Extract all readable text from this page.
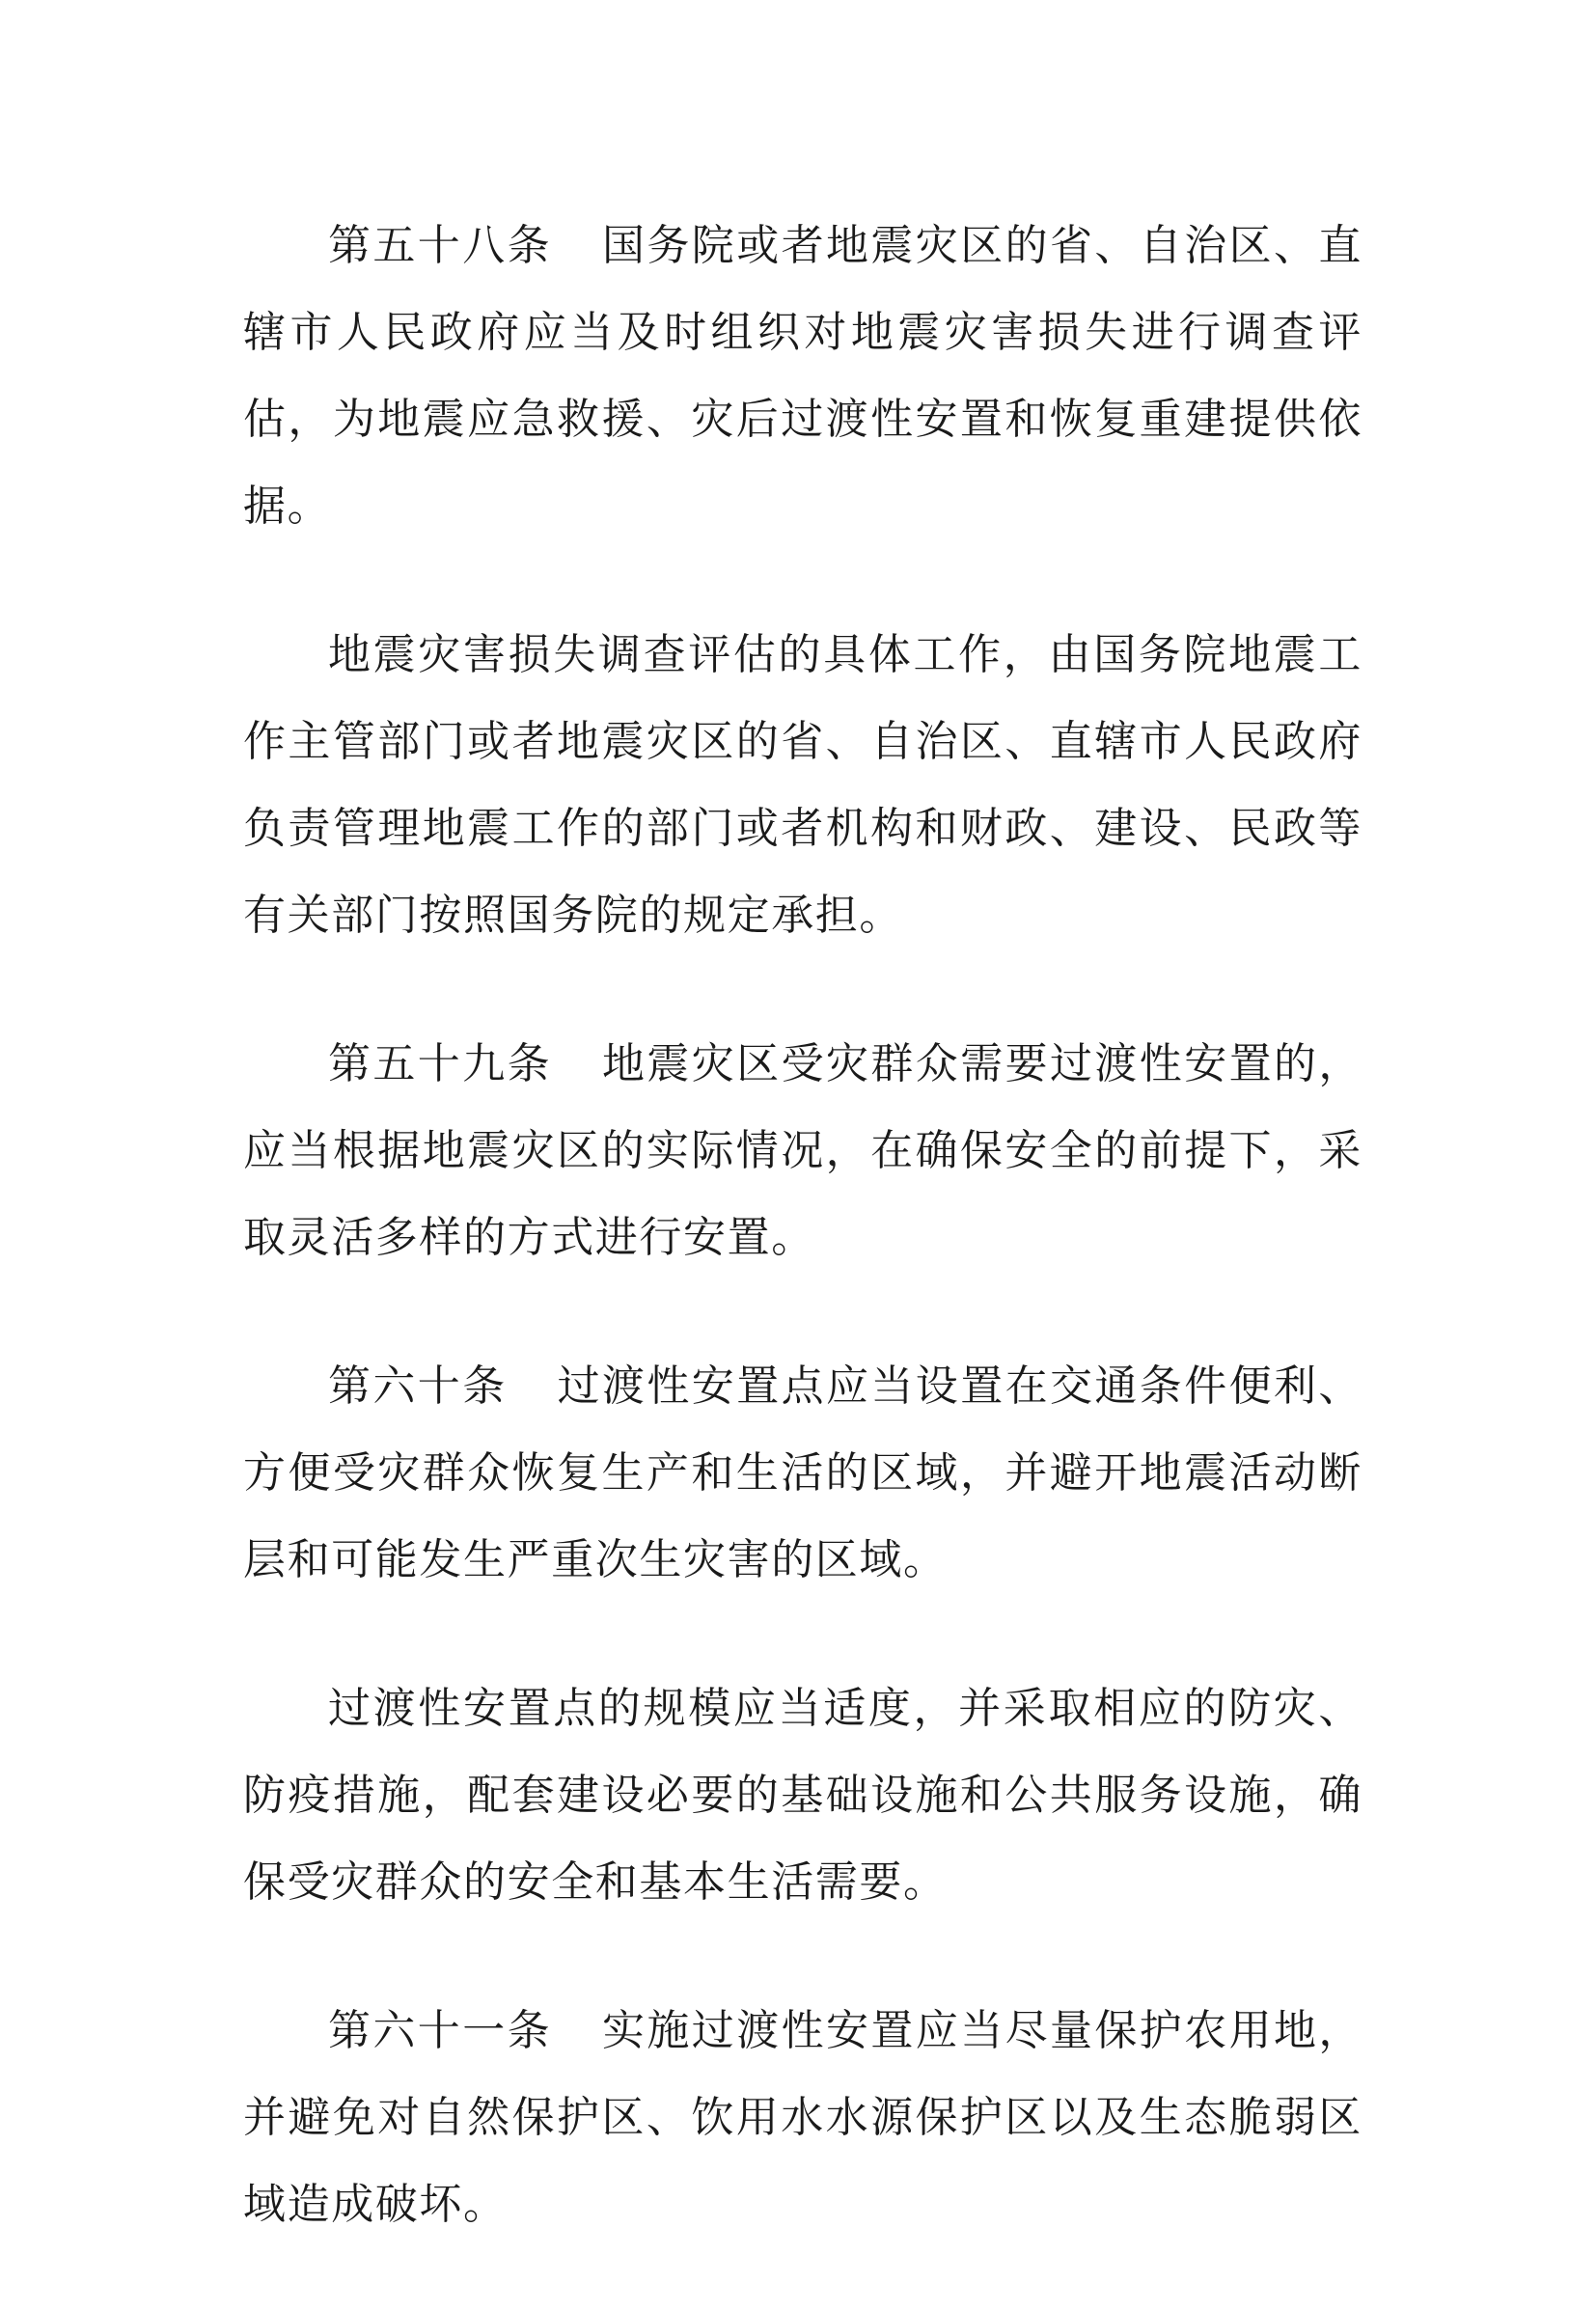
第五十八条 国务院或者地震灾区的省、自治区、直辖市人民政府应当及时组织对地震灾害损失进行调查评估，为地震应急救援、灾后过渡性安置和恢复重建提供依据。

地震灾害损失调查评估的具体工作，由国务院地震工作主管部门或者地震灾区的省、自治区、直辖市人民政府负责管理地震工作的部门或者机构和财政、建设、民政等有关部门按照国务院的规定承担。

第五十九条 地震灾区受灾群众需要过渡性安置的，应当根据地震灾区的实际情况，在确保安全的前提下，采取灵活多样的方式进行安置。

第六十条 过渡性安置点应当设置在交通条件便利、方便受灾群众恢复生产和生活的区域，并避开地震活动断层和可能发生严重次生灾害的区域。

过渡性安置点的规模应当适度，并采取相应的防灾、防疫措施，配套建设必要的基础设施和公共服务设施，确保受灾群众的安全和基本生活需要。

第六十一条 实施过渡性安置应当尽量保护农用地，并避免对自然保护区、饮用水水源保护区以及生态脆弱区域造成破坏。
